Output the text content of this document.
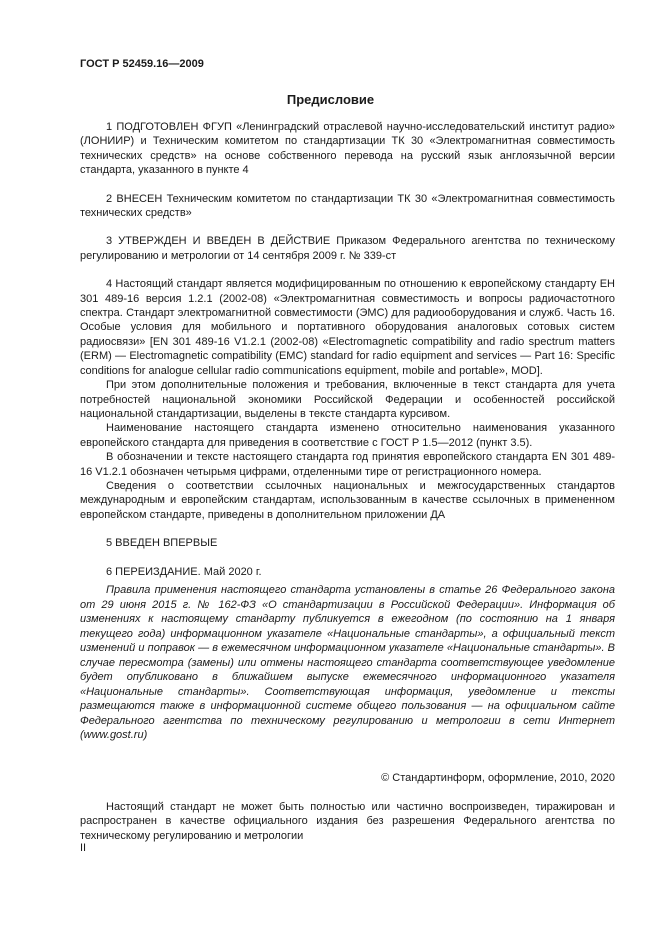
ГОСТ Р 52459.16—2009
Предисловие

1 ПОДГОТОВЛЕН ФГУП «Ленинградский отраслевой научно-исследовательский институт радио» (ЛОНИИР) и Техническим комитетом по стандартизации ТК 30 «Электромагнитная совместимость технических средств» на основе собственного перевода на русский язык англоязычной версии стандарта, указанного в пункте 4

2 ВНЕСЕН Техническим комитетом по стандартизации ТК 30 «Электромагнитная совместимость технических средств»

3 УТВЕРЖДЕН И ВВЕДЕН В ДЕЙСТВИЕ Приказом Федерального агентства по техническому регулированию и метрологии от 14 сентября 2009 г. № 339-ст

4 Настоящий стандарт является модифицированным по отношению к европейскому стандарту ЕН 301 489-16 версия 1.2.1 (2002-08) «Электромагнитная совместимость и вопросы радиочастотного спектра. Стандарт электромагнитной совместимости (ЭМС) для радиооборудования и служб. Часть 16. Особые условия для мобильного и портативного оборудования аналоговых сотовых систем радиосвязи» [EN 301 489-16 V1.2.1 (2002-08) «Electromagnetic compatibility and radio spectrum matters (ERM) — Electromagnetic compatibility (EMC) standard for radio equipment and services — Part 16: Specific conditions for analogue cellular radio communications equipment, mobile and portable», MOD].

При этом дополнительные положения и требования, включенные в текст стандарта для учета потребностей национальной экономики Российской Федерации и особенностей российской национальной стандартизации, выделены в тексте стандарта курсивом.

Наименование настоящего стандарта изменено относительно наименования указанного европейского стандарта для приведения в соответствие с ГОСТ Р 1.5—2012 (пункт 3.5).

В обозначении и тексте настоящего стандарта год принятия европейского стандарта EN 301 489-16 V1.2.1 обозначен четырьмя цифрами, отделенными тире от регистрационного номера.

Сведения о соответствии ссылочных национальных и межгосударственных стандартов международным и европейским стандартам, использованным в качестве ссылочных в примененном европейском стандарте, приведены в дополнительном приложении ДА

5 ВВЕДЕН ВПЕРВЫЕ

6 ПЕРЕИЗДАНИЕ. Май 2020 г.

Правила применения настоящего стандарта установлены в статье 26 Федерального закона от 29 июня 2015 г. № 162-ФЗ «О стандартизации в Российской Федерации». Информация об изменениях к настоящему стандарту публикуется в ежегодном (по состоянию на 1 января текущего года) информационном указателе «Национальные стандарты», а официальный текст изменений и поправок — в ежемесячном информационном указателе «Национальные стандарты». В случае пересмотра (замены) или отмены настоящего стандарта соответствующее уведомление будет опубликовано в ближайшем выпуске ежемесячного информационного указателя «Национальные стандарты». Соответствующая информация, уведомление и тексты размещаются также в информационной системе общего пользования — на официальном сайте Федерального агентства по техническому регулированию и метрологии в сети Интернет (www.gost.ru)

© Стандартинформ, оформление, 2010, 2020

Настоящий стандарт не может быть полностью или частично воспроизведен, тиражирован и распространен в качестве официального издания без разрешения Федерального агентства по техническому регулированию и метрологии

II
